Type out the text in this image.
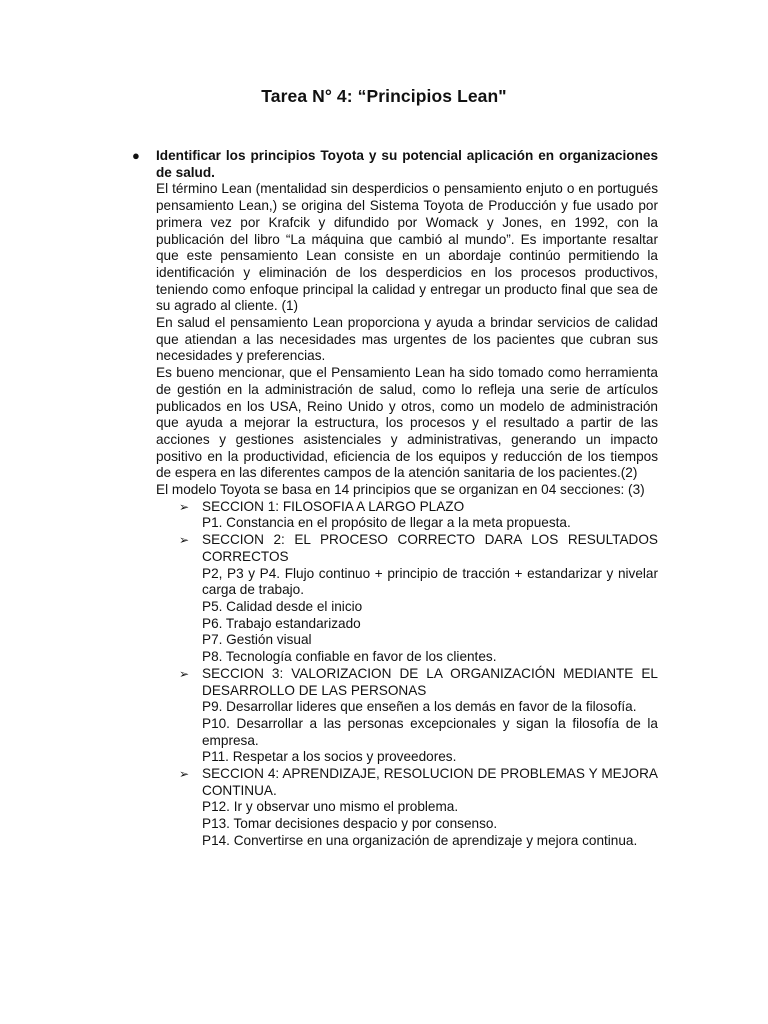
Tarea N° 4: “Principios Lean"
● Identificar los principios Toyota y su potencial aplicación en organizaciones de salud.
El término Lean (mentalidad sin desperdicios o pensamiento enjuto o en portugués pensamiento Lean,) se origina del Sistema Toyota de Producción y fue usado por primera vez por Krafcik y difundido por Womack y Jones, en 1992, con la publicación del libro “La máquina que cambió al mundo”. Es importante resaltar que este pensamiento Lean consiste en un abordaje continúo permitiendo la identificación y eliminación de los desperdicios en los procesos productivos, teniendo como enfoque principal la calidad y entregar un producto final que sea de su agrado al cliente. (1)
En salud el pensamiento Lean proporciona y ayuda a brindar servicios de calidad que atiendan a las necesidades mas urgentes de los pacientes que cubran sus necesidades y preferencias.
Es bueno mencionar, que el Pensamiento Lean ha sido tomado como herramienta de gestión en la administración de salud, como lo refleja una serie de artículos publicados en los USA, Reino Unido y otros, como un modelo de administración que ayuda a mejorar la estructura, los procesos y el resultado a partir de las acciones y gestiones asistenciales y administrativas, generando un impacto positivo en la productividad, eficiencia de los equipos y reducción de los tiempos de espera en las diferentes campos de la atención sanitaria de los pacientes.(2)
El modelo Toyota se basa en 14 principios que se organizan en 04 secciones: (3)
➢ SECCION 1: FILOSOFIA A LARGO PLAZO
P1. Constancia en el propósito de llegar a la meta propuesta.
➢ SECCION 2: EL PROCESO CORRECTO DARA LOS RESULTADOS CORRECTOS
P2, P3 y P4. Flujo continuo + principio de tracción + estandarizar y nivelar carga de trabajo.
P5. Calidad desde el inicio
P6. Trabajo estandarizado
P7. Gestión visual
P8. Tecnología confiable en favor de los clientes.
➢ SECCION 3: VALORIZACION DE LA ORGANIZACIÓN MEDIANTE EL DESARROLLO DE LAS PERSONAS
P9. Desarrollar lideres que enseñen a los demás en favor de la filosofía.
P10. Desarrollar a las personas excepcionales y sigan la filosofía de la empresa.
P11. Respetar a los socios y proveedores.
➢ SECCION 4: APRENDIZAJE, RESOLUCION DE PROBLEMAS Y MEJORA CONTINUA.
P12. Ir y observar uno mismo el problema.
P13. Tomar decisiones despacio y por consenso.
P14. Convertirse en una organización de aprendizaje y mejora continua.
